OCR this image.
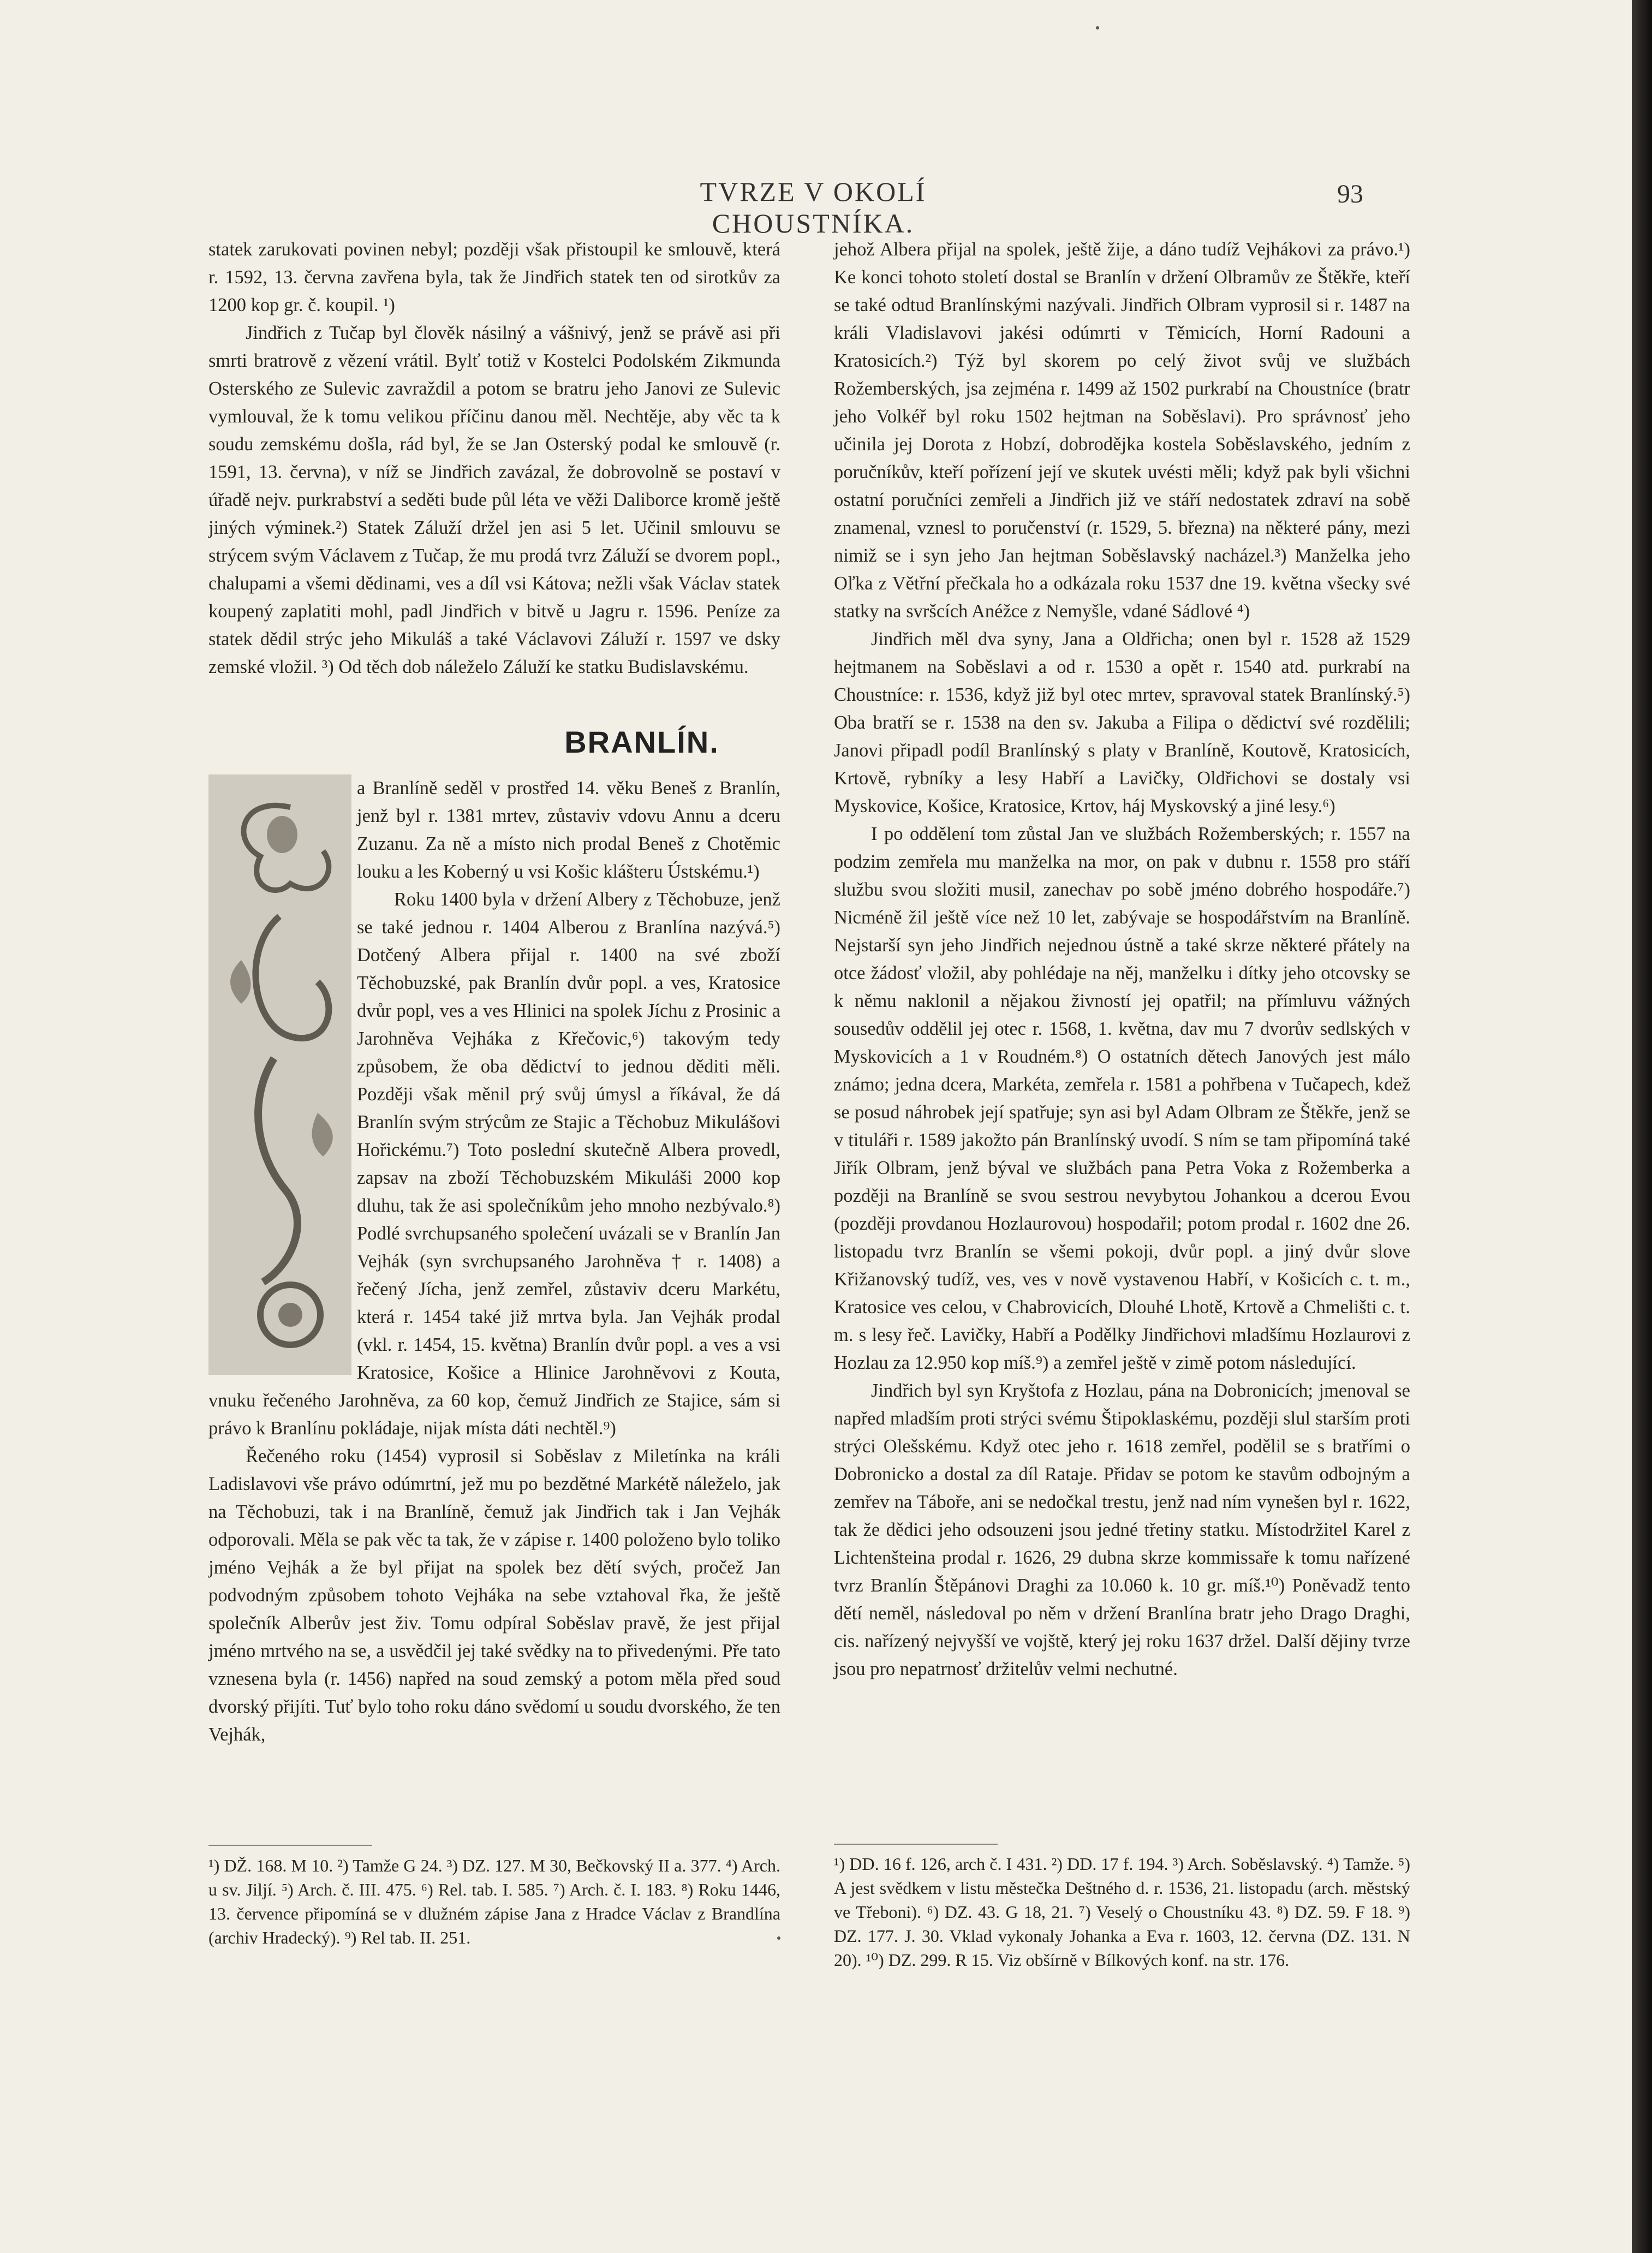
TVRZE V OKOLÍ CHOUSTNÍKA.
93

statek zarukovati povinen nebyl; později však přistoupil ke smlouvě, která r. 1592, 13. června zavřena byla, tak že Jindřich statek ten od sirotkův za 1200 kop gr. č. koupil. ¹)

Jindřich z Tučap byl člověk násilný a vášnivý, jenž se právě asi při smrti bratrově z vězení vrátil. Bylť totiž v Kostelci Podolském Zikmunda Osterského ze Sulevic zavraždil a potom se bratru jeho Janovi ze Sulevic vymlouval, že k tomu velikou příčinu danou měl. Nechtěje, aby věc ta k soudu zemskému došla, rád byl, že se Jan Osterský podal ke smlouvě (r. 1591, 13. června), v níž se Jindřich zavázal, že dobrovolně se postaví v úřadě nejv. purkrabství a seděti bude půl léta ve věži Daliborce kromě ještě jiných výminek.²) Statek Záluží držel jen asi 5 let. Učinil smlouvu se strýcem svým Václavem z Tučap, že mu prodá tvrz Záluží se dvorem popl., chalupami a všemi dědinami, ves a díl vsi Kátova; nežli však Václav statek koupený zaplatiti mohl, padl Jindřich v bitvě u Jagru r. 1596. Peníze za statek dědil strýc jeho Mikuláš a také Václavovi Záluží r. 1597 ve dsky zemské vložil. ³) Od těch dob náleželo Záluží ke statku Budislavskému.

BRANLÍN.

a Branlíně seděl v prostřed 14. věku Beneš z Branlín, jenž byl r. 1381 mrtev, zůstaviv vdovu Annu a dceru Zuzanu. Za ně a místo nich prodal Beneš z Chotěmic louku a les Koberný u vsi Košic klášteru Ústskému.¹)

Roku 1400 byla v držení Albery z Těchobuze, jenž se také jednou r. 1404 Alberou z Branlína nazývá.⁵) Dotčený Albera přijal r. 1400 na své zboží Těchobuzské, pak Branlín dvůr popl. a ves, Kratosice dvůr popl, ves a ves Hlinici na spolek Jíchu z Prosinic a Jarohněva Vejháka z Křečovic,⁶) takovým tedy způsobem, že oba dědictví to jednou děditi měli. Později však měnil prý svůj úmysl a říkával, že dá Branlín svým strýcům ze Stajic a Těchobuz Mikulášovi Hořickému.⁷) Toto poslední skutečně Albera provedl, zapsav na zboží Těchobuzském Mikuláši 2000 kop dluhu, tak že asi společníkům jeho mnoho nezbývalo.⁸) Podlé svrchupsaného společení uvázali se v Branlín Jan Vejhák (syn svrchupsaného Jarohněva † r. 1408) a řečený Jícha, jenž zemřel, zůstaviv dceru Markétu, která r. 1454 také již mrtva byla. Jan Vejhák prodal (vkl. r. 1454, 15. května) Branlín dvůr popl. a ves a vsi Kratosice, Košice a Hlinice Jarohněvovi z Kouta, vnuku řečeného Jarohněva, za 60 kop, čemuž Jindřich ze Stajice, sám si právo k Branlínu pokládaje, nijak místa dáti nechtěl.⁹)

Řečeného roku (1454) vyprosil si Soběslav z Miletínka na králi Ladislavovi vše právo odúmrtní, jež mu po bezdětné Markétě náleželo, jak na Těchobuzi, tak i na Branlíně, čemuž jak Jindřich tak i Jan Vejhák odporovali. Měla se pak věc ta tak, že v zápise r. 1400 položeno bylo toliko jméno Vejhák a že byl přijat na spolek bez dětí svých, pročež Jan podvodným způsobem tohoto Vejháka na sebe vztahoval řka, že ještě společník Alberův jest živ. Tomu odpíral Soběslav pravě, že jest přijal jméno mrtvého na se, a usvědčil jej také svědky na to přivedenými. Pře tato vznesena byla (r. 1456) napřed na soud zemský a potom měla před soud dvorský přijíti. Tuť bylo toho roku dáno svědomí u soudu dvorského, že ten Vejhák,

jehož Albera přijal na spolek, ještě žije, a dáno tudíž Vejhákovi za právo.¹) Ke konci tohoto století dostal se Branlín v držení Olbramův ze Štěkře, kteří se také odtud Branlínskými nazývali. Jindřich Olbram vyprosil si r. 1487 na králi Vladislavovi jakési odúmrti v Těmicích, Horní Radouni a Kratosicích.²) Týž byl skorem po celý život svůj ve službách Rožemberských, jsa zejména r. 1499 až 1502 purkrabí na Choustníce (bratr jeho Volkéř byl roku 1502 hejtman na Soběslavi). Pro správnosť jeho učinila jej Dorota z Hobzí, dobrodějka kostela Soběslavského, jedním z poručníkův, kteří pořízení její ve skutek uvésti měli; když pak byli všichni ostatní poručníci zemřeli a Jindřich již ve stáří nedostatek zdraví na sobě znamenal, vznesl to poručenství (r. 1529, 5. března) na některé pány, mezi nimiž se i syn jeho Jan hejtman Soběslavský nacházel.³) Manželka jeho Oľka z Větřní přečkala ho a odkázala roku 1537 dne 19. května všecky své statky na svršcích Anéžce z Nemyšle, vdané Sádlové ⁴)

Jindřich měl dva syny, Jana a Oldřicha; onen byl r. 1528 až 1529 hejtmanem na Soběslavi a od r. 1530 a opět r. 1540 atd. purkrabí na Choustníce: r. 1536, když již byl otec mrtev, spravoval statek Branlínský.⁵) Oba bratří se r. 1538 na den sv. Jakuba a Filipa o dědictví své rozdělili; Janovi připadl podíl Branlínský s platy v Branlíně, Koutově, Kratosicích, Krtově, rybníky a lesy Habří a Lavičky, Oldřichovi se dostaly vsi Myskovice, Košice, Kratosice, Krtov, háj Myskovský a jiné lesy.⁶)

I po oddělení tom zůstal Jan ve službách Rožemberských; r. 1557 na podzim zemřela mu manželka na mor, on pak v dubnu r. 1558 pro stáří službu svou složiti musil, zanechav po sobě jméno dobrého hospodáře.⁷) Nicméně žil ještě více než 10 let, zabývaje se hospodářstvím na Branlíně. Nejstarší syn jeho Jindřich nejednou ústně a také skrze některé přátely na otce žádosť vložil, aby pohlédaje na něj, manželku i dítky jeho otcovsky se k němu naklonil a nějakou živností jej opatřil; na přímluvu vážných sousedův oddělil jej otec r. 1568, 1. května, dav mu 7 dvorův sedlských v Myskovicích a 1 v Roudném.⁸) O ostatních dětech Janových jest málo známo; jedna dcera, Markéta, zemřela r. 1581 a pohřbena v Tučapech, kdež se posud náhrobek její spatřuje; syn asi byl Adam Olbram ze Štěkře, jenž se v tituláři r. 1589 jakožto pán Branlínský uvodí. S ním se tam připomíná také Jiřík Olbram, jenž býval ve službách pana Petra Voka z Rožemberka a později na Branlíně se svou sestrou nevybytou Johankou a dcerou Evou (později provdanou Hozlaurovou) hospodařil; potom prodal r. 1602 dne 26. listopadu tvrz Branlín se všemi pokoji, dvůr popl. a jiný dvůr slove Křižanovský tudíž, ves, ves v nově vystavenou Habří, v Košicích c. t. m., Kratosice ves celou, v Chabrovicích, Dlouhé Lhotě, Krtově a Chmelišti c. t. m. s lesy řeč. Lavičky, Habří a Podělky Jindřichovi mladšímu Hozlaurovi z Hozlau za 12.950 kop míš.⁹) a zemřel ještě v zimě potom následující.

Jindřich byl syn Kryštofa z Hozlau, pána na Dobronicích; jmenoval se napřed mladším proti strýci svému Štipoklaskému, později slul starším proti strýci Olešskému. Když otec jeho r. 1618 zemřel, podělil se s bratřími o Dobronicko a dostal za díl Rataje. Přidav se potom ke stavům odbojným a zemřev na Táboře, ani se nedočkal trestu, jenž nad ním vynešen byl r. 1622, tak že dědici jeho odsouzeni jsou jedné třetiny statku. Místodržitel Karel z Lichtenšteina prodal r. 1626, 29 dubna skrze kommissaře k tomu nařízené tvrz Branlín Štěpánovi Draghi za 10.060 k. 10 gr. míš.¹⁰) Poněvadž tento dětí neměl, následoval po něm v držení Branlína bratr jeho Drago Draghi, cis. nařízený nejvyšší ve vojště, který jej roku 1637 držel. Další dějiny tvrze jsou pro nepatrnosť držitelův velmi nechutné.

¹) DŽ. 168. M 10. ²) Tamže G 24. ³) DZ. 127. M 30, Bečkovský II a. 377. ⁴) Arch. u sv. Jiljí. ⁵) Arch. č. III. 475. ⁶) Rel. tab. I. 585. ⁷) Arch. č. I. 183. ⁸) Roku 1446, 13. července připomíná se v dlužném zápise Jana z Hradce Václav z Brandlína (archiv Hradecký). ⁹) Rel tab. II. 251.
¹) DD. 16 f. 126, arch č. I 431. ²) DD. 17 f. 194. ³) Arch. Soběslavský. ⁴) Tamže. ⁵) A jest svědkem v listu městečka Deštného d. r. 1536, 21. listopadu (arch. městský ve Třeboni). ⁶) DZ. 43. G 18, 21. ⁷) Veselý o Choustníku 43. ⁸) DZ. 59. F 18. ⁹) DZ. 177. J. 30. Vklad vykonaly Johanka a Eva r. 1603, 12. června (DZ. 131. N 20). ¹⁰) DZ. 299. R 15. Viz obšírně v Bílkových konf. na str. 176.
